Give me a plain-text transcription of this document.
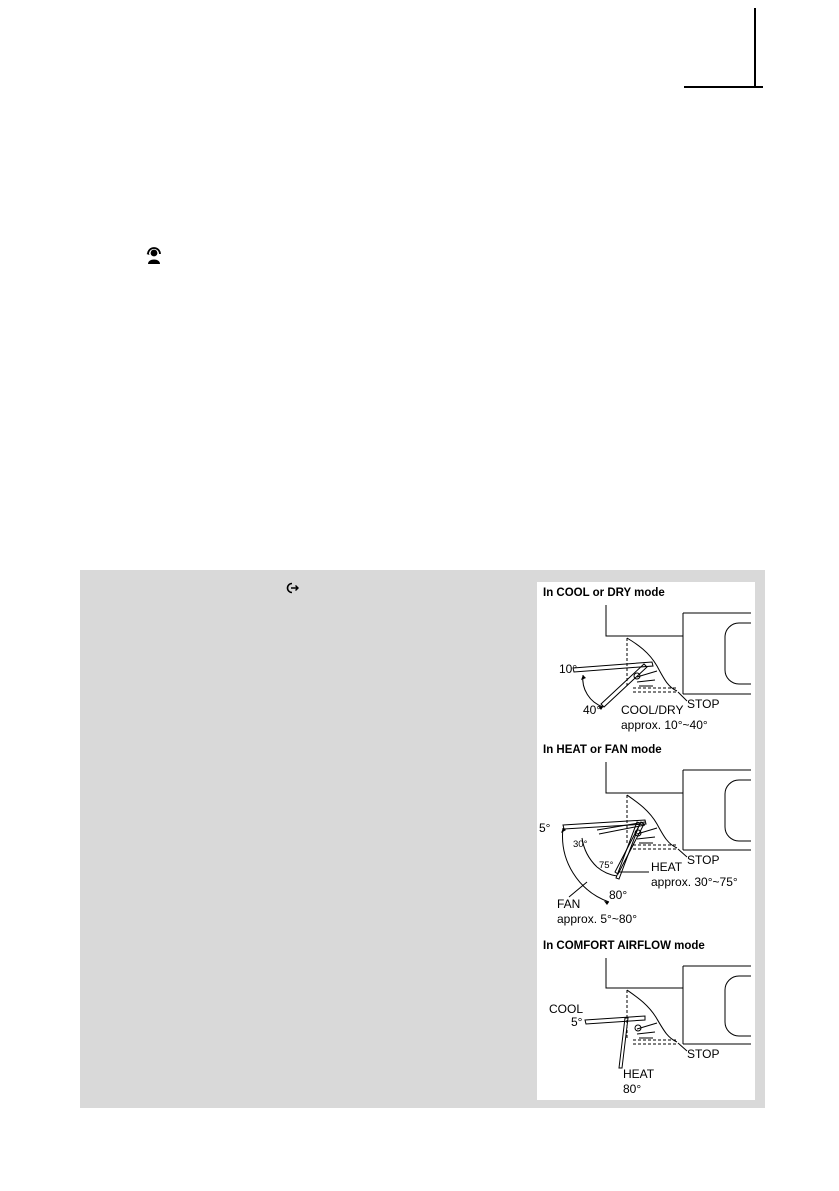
In COOL or DRY mode
10°
40°	STOP
COOL/DRY
approx. 10°~40°
In HEAT or FAN mode
5°
30°
75°
80°
HEAT
approx. 30°~75°
STOP
FAN
approx. 5°~80°
In COMFORT AIRFLOW mode
COOL
5°
STOP
HEAT
80°
